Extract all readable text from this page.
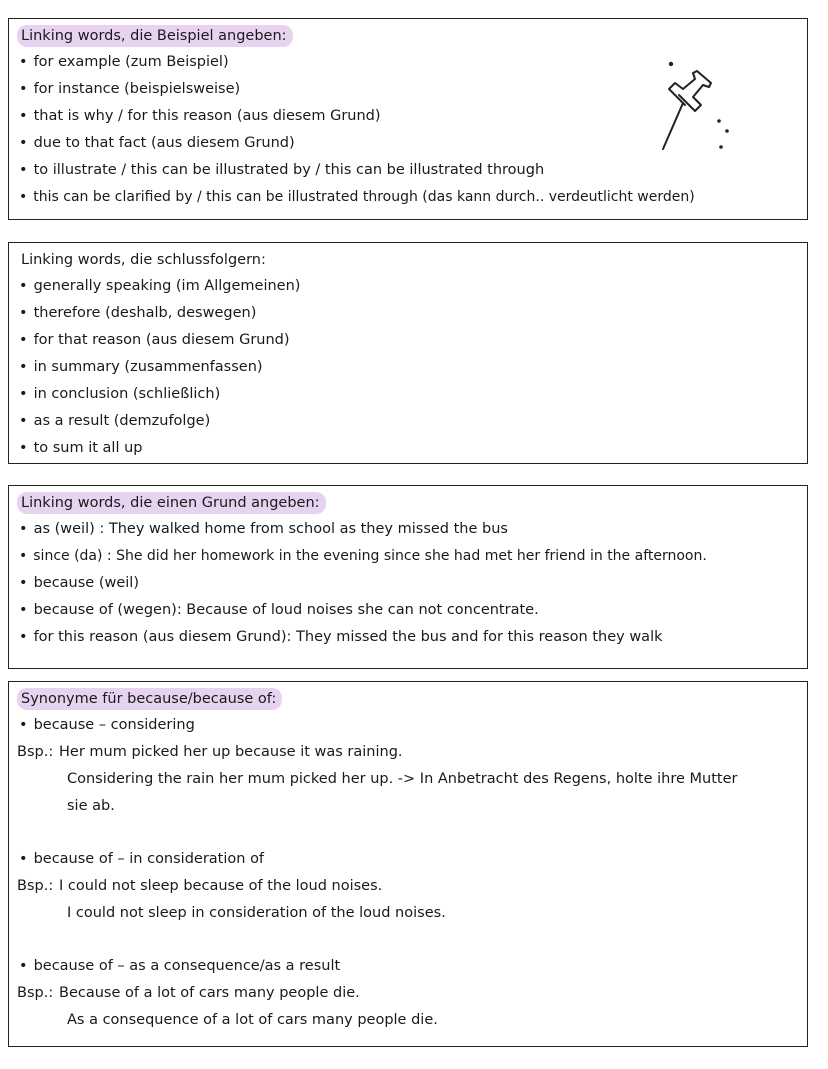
Linking words, die Beispiel angeben:
• for example (zum Beispiel)
• for instance (beispielsweise)
• that is why / for this reason (aus diesem Grund)
• due to that fact (aus diesem Grund)
• to illustrate / this can be illustrated by / this can be illustrated through
• this can be clarified by / this can be illustrated through (das kann durch.. verdeutlicht werden)
Linking words, die schlussfolgern:
• generally speaking (im Allgemeinen)
• therefore (deshalb, deswegen)
• for that reason (aus diesem Grund)
• in summary (zusammenfassen)
• in conclusion (schließlich)
• as a result (demzufolge)
• to sum it all up
Linking words, die einen Grund angeben:
• as (weil) : They walked home from school as they missed the bus
• since (da) : She did her homework in the evening since she had met her friend in the afternoon.
• because (weil)
• because of (wegen): Because of loud noises she can not concentrate.
• for this reason (aus diesem Grund): They missed the bus and for this reason they walk
Synonyme für because/because of:
• because – considering
Bsp.: Her mum picked her up because it was raining.
Considering the rain her mum picked her up. -> In Anbetracht des Regens, holte ihre Mutter
sie ab.
• because of – in consideration of
Bsp.: I could not sleep because of the loud noises.
I could not sleep in consideration of the loud noises.
• because of – as a consequence/as a result
Bsp.: Because of a lot of cars many people die.
As a consequence of a lot of cars many people die.
